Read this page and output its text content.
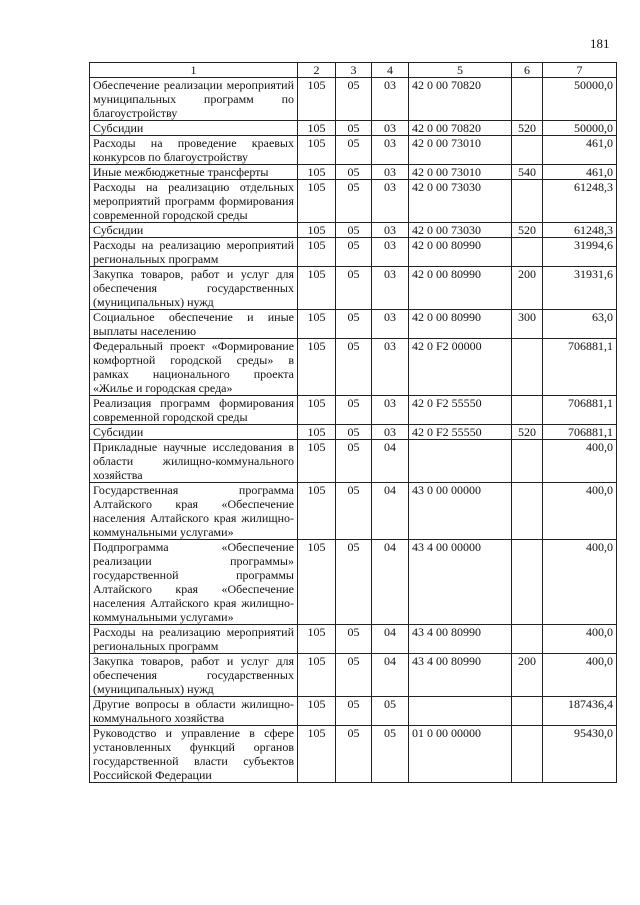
181
1	2	3	4	5	6	7
Обеспечение реализации мероприятий муниципальных программ по благоустройству	105	05	03	42 0 00 70820		50000,0
Субсидии	105	05	03	42 0 00 70820	520	50000,0
Расходы на проведение краевых конкурсов по благоустройству	105	05	03	42 0 00 73010		461,0
Иные межбюджетные трансферты	105	05	03	42 0 00 73010	540	461,0
Расходы на реализацию отдельных мероприятий программ формирования современной городской среды	105	05	03	42 0 00 73030		61248,3
Субсидии	105	05	03	42 0 00 73030	520	61248,3
Расходы на реализацию мероприятий региональных программ	105	05	03	42 0 00 80990		31994,6
Закупка товаров, работ и услуг для обеспечения государственных (муниципальных) нужд	105	05	03	42 0 00 80990	200	31931,6
Социальное обеспечение и иные выплаты населению	105	05	03	42 0 00 80990	300	63,0
Федеральный проект «Формирование комфортной городской среды» в рамках национального проекта «Жилье и городская среда»	105	05	03	42 0 F2 00000		706881,1
Реализация программ формирования современной городской среды	105	05	03	42 0 F2 55550		706881,1
Субсидии	105	05	03	42 0 F2 55550	520	706881,1
Прикладные научные исследования в области жилищно-коммунального хозяйства	105	05	04			400,0
Государственная программа Алтайского края «Обеспечение населения Алтайского края жилищно-коммунальными услугами»	105	05	04	43 0 00 00000		400,0
Подпрограмма «Обеспечение реализации программы» государственной программы Алтайского края «Обеспечение населения Алтайского края жилищно-коммунальными услугами»	105	05	04	43 4 00 00000		400,0
Расходы на реализацию мероприятий региональных программ	105	05	04	43 4 00 80990		400,0
Закупка товаров, работ и услуг для обеспечения государственных (муниципальных) нужд	105	05	04	43 4 00 80990	200	400,0
Другие вопросы в области жилищно-коммунального хозяйства	105	05	05			187436,4
Руководство и управление в сфере установленных функций органов государственной власти субъектов Российской Федерации	105	05	05	01 0 00 00000		95430,0
